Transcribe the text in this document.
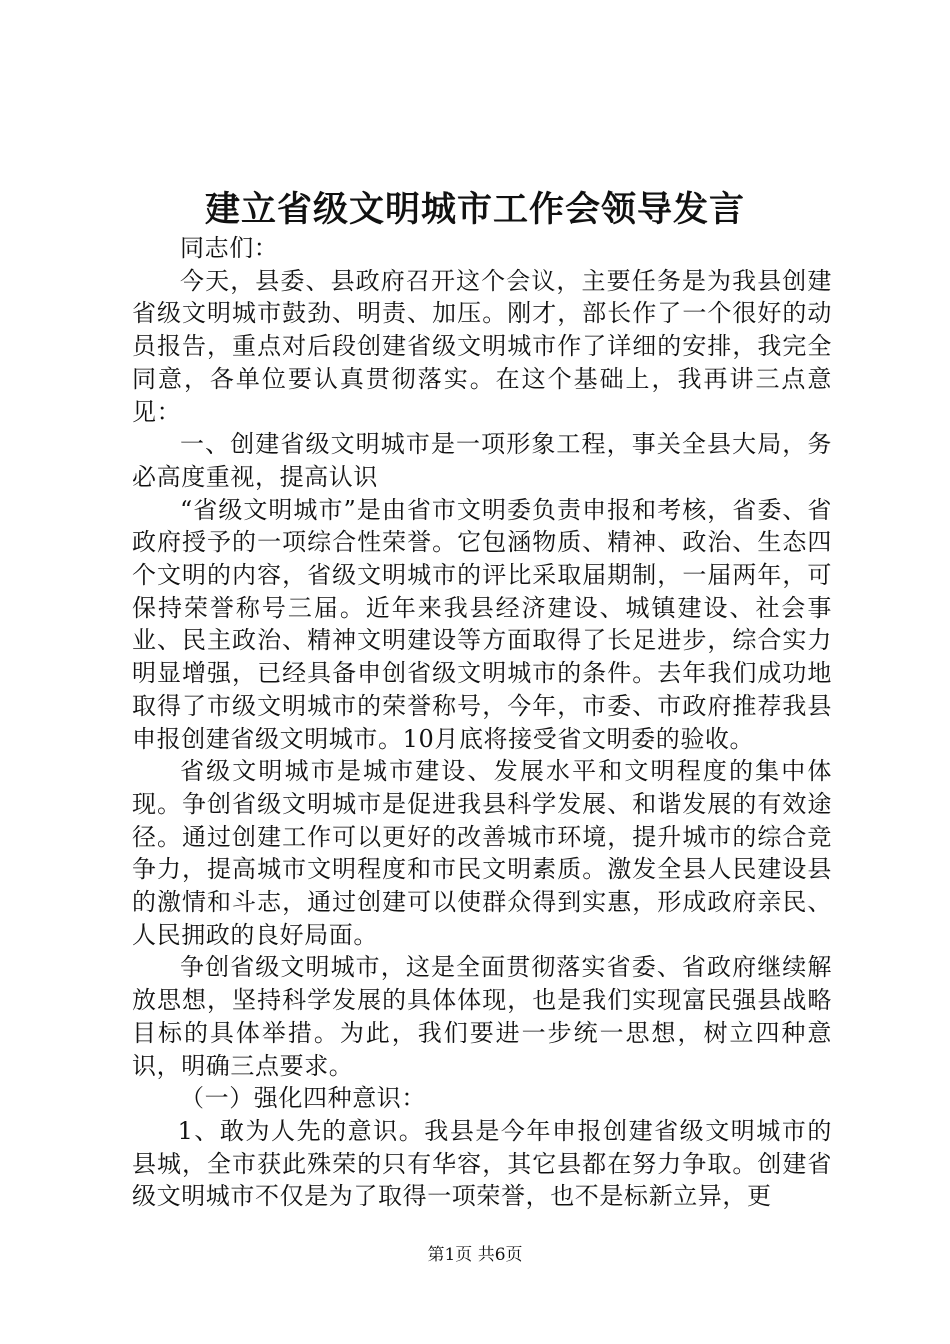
建立省级文明城市工作会领导发言

同志们：

今天，县委、县政府召开这个会议，主要任务是为我县创建省级文明城市鼓劲、明责、加压。刚才，部长作了一个很好的动员报告，重点对后段创建省级文明城市作了详细的安排，我完全同意，各单位要认真贯彻落实。在这个基础上，我再讲三点意见：

一、创建省级文明城市是一项形象工程，事关全县大局，务必高度重视，提高认识

“省级文明城市”是由省市文明委负责申报和考核，省委、省政府授予的一项综合性荣誉。它包涵物质、精神、政治、生态四个文明的内容，省级文明城市的评比采取届期制，一届两年，可保持荣誉称号三届。近年来我县经济建设、城镇建设、社会事业、民主政治、精神文明建设等方面取得了长足进步，综合实力明显增强，已经具备申创省级文明城市的条件。去年我们成功地取得了市级文明城市的荣誉称号，今年，市委、市政府推荐我县申报创建省级文明城市。10月底将接受省文明委的验收。

省级文明城市是城市建设、发展水平和文明程度的集中体现。争创省级文明城市是促进我县科学发展、和谐发展的有效途径。通过创建工作可以更好的改善城市环境，提升城市的综合竞争力，提高城市文明程度和市民文明素质。激发全县人民建设县的激情和斗志，通过创建可以使群众得到实惠，形成政府亲民、人民拥政的良好局面。

争创省级文明城市，这是全面贯彻落实省委、省政府继续解放思想，坚持科学发展的具体体现，也是我们实现富民强县战略目标的具体举措。为此，我们要进一步统一思想，树立四种意识，明确三点要求。

（一）强化四种意识：

1、敢为人先的意识。我县是今年申报创建省级文明城市的县城，全市获此殊荣的只有华容，其它县都在努力争取。创建省级文明城市不仅是为了取得一项荣誉，也不是标新立异，更

第1页 共6页
